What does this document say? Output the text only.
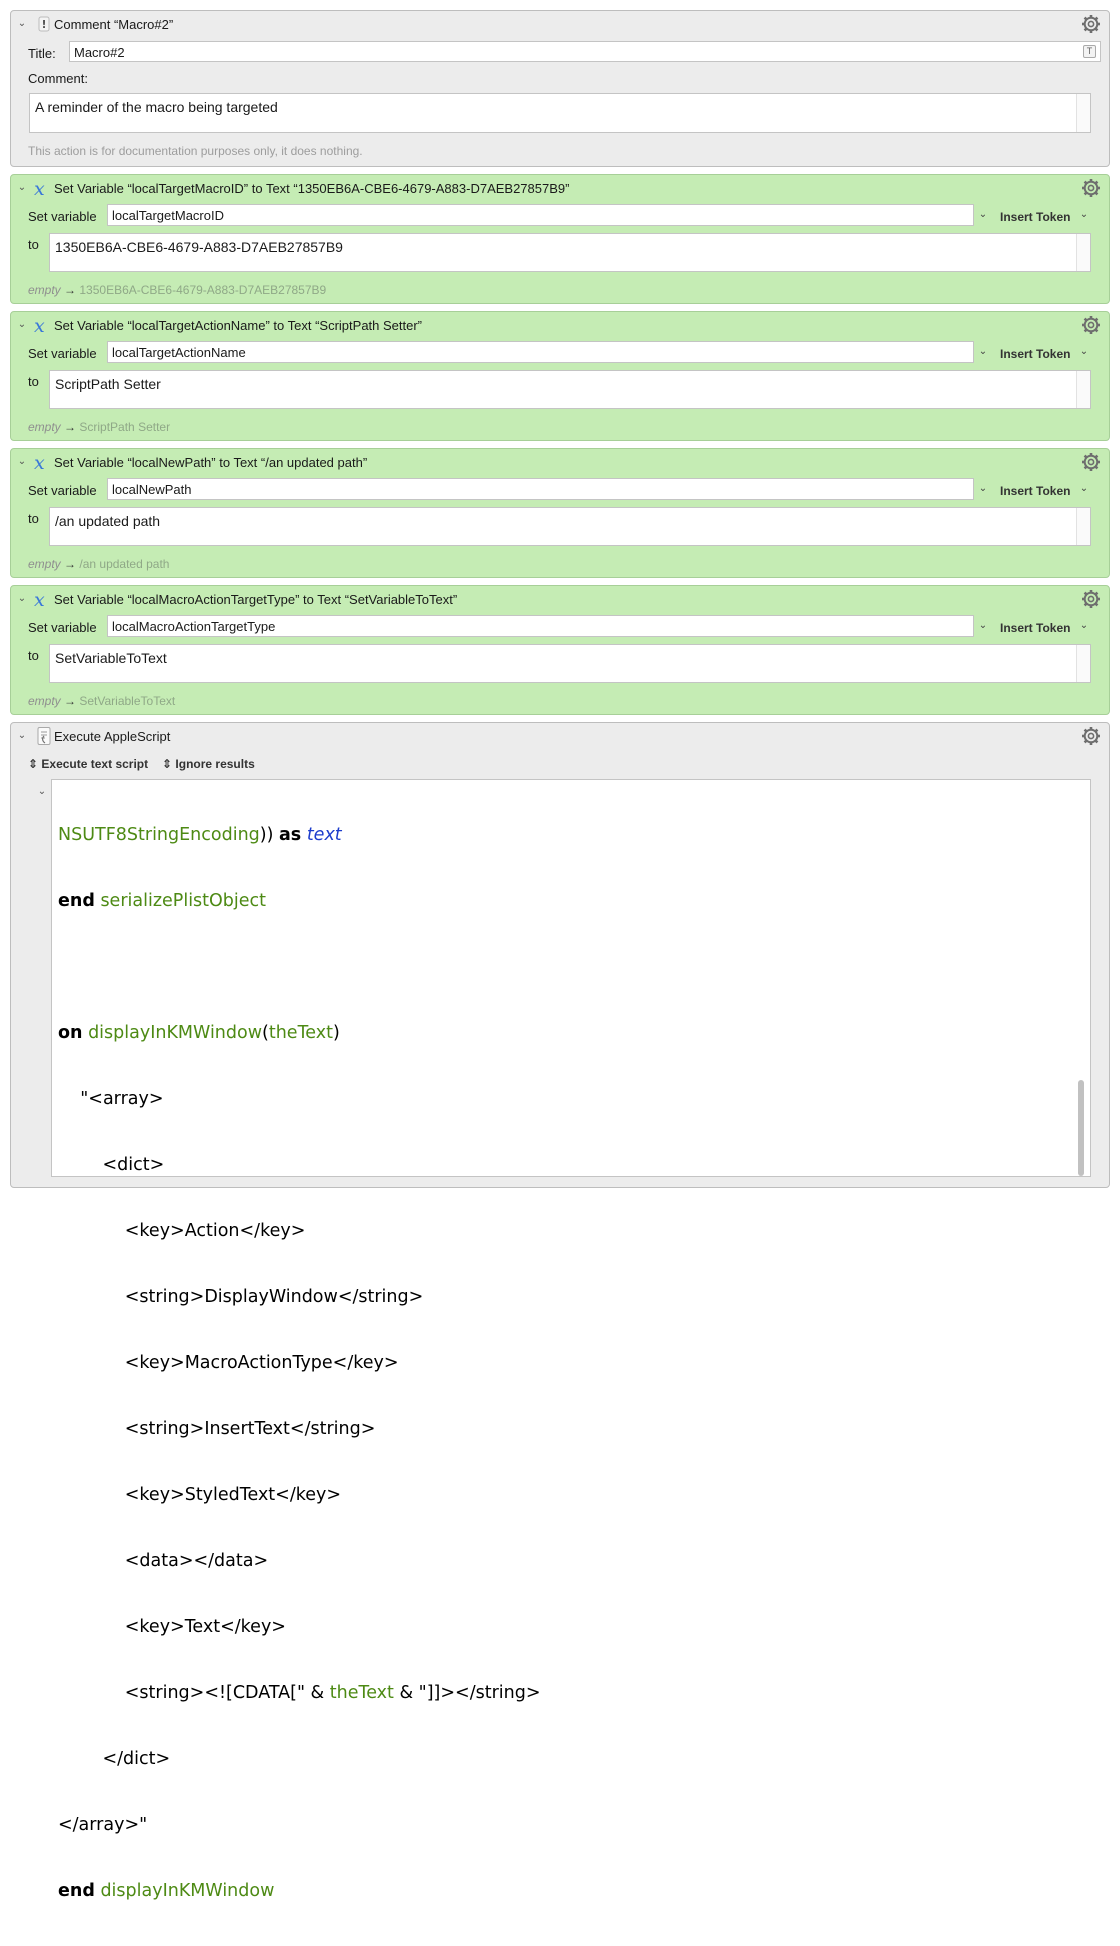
⌄ ! Comment “Macro#2”
Title:	Macro#2	T
Comment:
A reminder of the macro being targeted
This action is for documentation purposes only, it does nothing.
⌄ Set Variable “localTargetMacroID” to Text “1350EB6A-CBE6-4679-A883-D7AEB27857B9”
Set variable	localTargetMacroID	⌄ Insert Token ⌄
to	1350EB6A-CBE6-4679-A883-D7AEB27857B9
empty → 1350EB6A-CBE6-4679-A883-D7AEB27857B9
⌄ Set Variable “localTargetActionName” to Text “ScriptPath Setter”
Set variable	localTargetActionName	⌄ Insert Token ⌄
to	ScriptPath Setter
empty → ScriptPath Setter
⌄ Set Variable “localNewPath” to Text “/an updated path”
Set variable	localNewPath	⌄ Insert Token ⌄
to	/an updated path
empty → /an updated path
⌄ Set Variable “localMacroActionTargetType” to Text “SetVariableToText”
Set variable	localMacroActionTargetType	⌄ Insert Token ⌄
to	SetVariableToText
empty → SetVariableToText
⌄ Execute AppleScript
⇕ Execute text script ⇕ Ignore results
⌄

NSUTF8StringEncoding)) as text

end serializePlistObject

on displayInKMWindow(theText)

"<array>

<dict>

<key>Action</key>

<string>DisplayWindow</string>

<key>MacroActionType</key>

<string>InsertText</string>

<key>StyledText</key>

<data></data>

<key>Text</key>

<string><![CDATA[" & theText & "]]></string>

</dict>

</array>"

end displayInKMWindow
